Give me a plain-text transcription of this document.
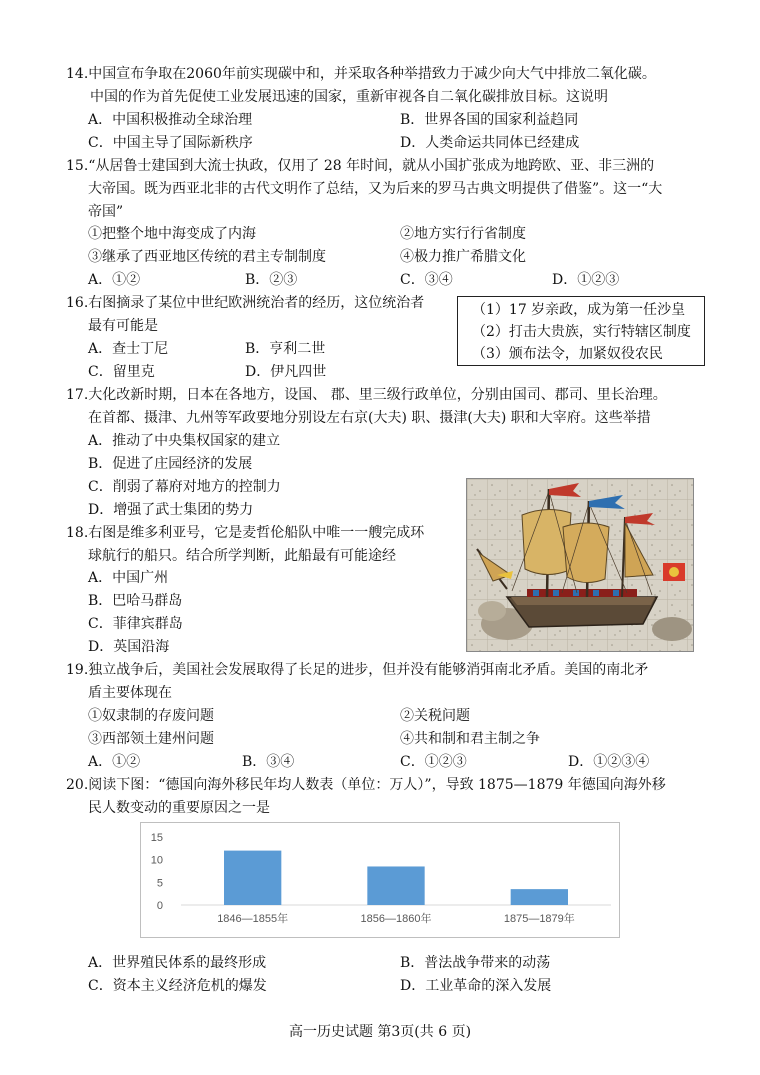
14.中国宣布争取在2060年前实现碳中和，并采取各种举措致力于减少向大气中排放二氧化碳。
中国的作为首先促使工业发展迅速的国家，重新审视各自二氧化碳排放目标。这说明
A．中国积极推动全球治理	B．世界各国的国家利益趋同
C．中国主导了国际新秩序	D．人类命运共同体已经建成
15.“从居鲁士建国到大流士执政，仅用了 28 年时间，就从小国扩张成为地跨欧、亚、非三洲的
大帝国。既为西亚北非的古代文明作了总结，又为后来的罗马古典文明提供了借鉴”。这一“大
帝国”
①把整个地中海变成了内海	②地方实行行省制度
③继承了西亚地区传统的君主专制制度	④极力推广希腊文化
A．①②	B．②③	C．③④	D．①②③
16.右图摘录了某位中世纪欧洲统治者的经历，这位统治者
最有可能是
A．查士丁尼	B．亨利二世
C．留里克	D．伊凡四世
（1）17 岁亲政，成为第一任沙皇
（2）打击大贵族，实行特辖区制度
（3）颁布法令，加紧奴役农民
17.大化改新时期，日本在各地方，设国、 郡、里三级行政单位，分别由国司、郡司、里长治理。
在首都、摄津、九州等军政要地分别设左右京(大夫) 职、摄津(大夫) 职和大宰府。这些举措
A．推动了中央集权国家的建立
B．促进了庄园经济的发展
C．削弱了幕府对地方的控制力
D．增强了武士集团的势力
18.右图是维多利亚号，它是麦哲伦船队中唯一一艘完成环
球航行的船只。结合所学判断，此船最有可能途经
A．中国广州
B．巴哈马群岛
C．菲律宾群岛
D．英国沿海
19.独立战争后，美国社会发展取得了长足的进步，但并没有能够消弭南北矛盾。美国的南北矛
盾主要体现在
①奴隶制的存废问题	②关税问题
③西部领土建州问题	④共和制和君主制之争
A．①②	B．③④	C．①②③	D．①②③④
20.阅读下图：“德国向海外移民年均人数表（单位：万人）”，导致 1875—1879 年德国向海外移
民人数变动的重要原因之一是
0
5
10
15
1846—1855年	1856—1860年	1875—1879年
A．世界殖民体系的最终形成	B．普法战争带来的动荡
C．资本主义经济危机的爆发	D．工业革命的深入发展
高一历史试题 第3页(共 6 页)
